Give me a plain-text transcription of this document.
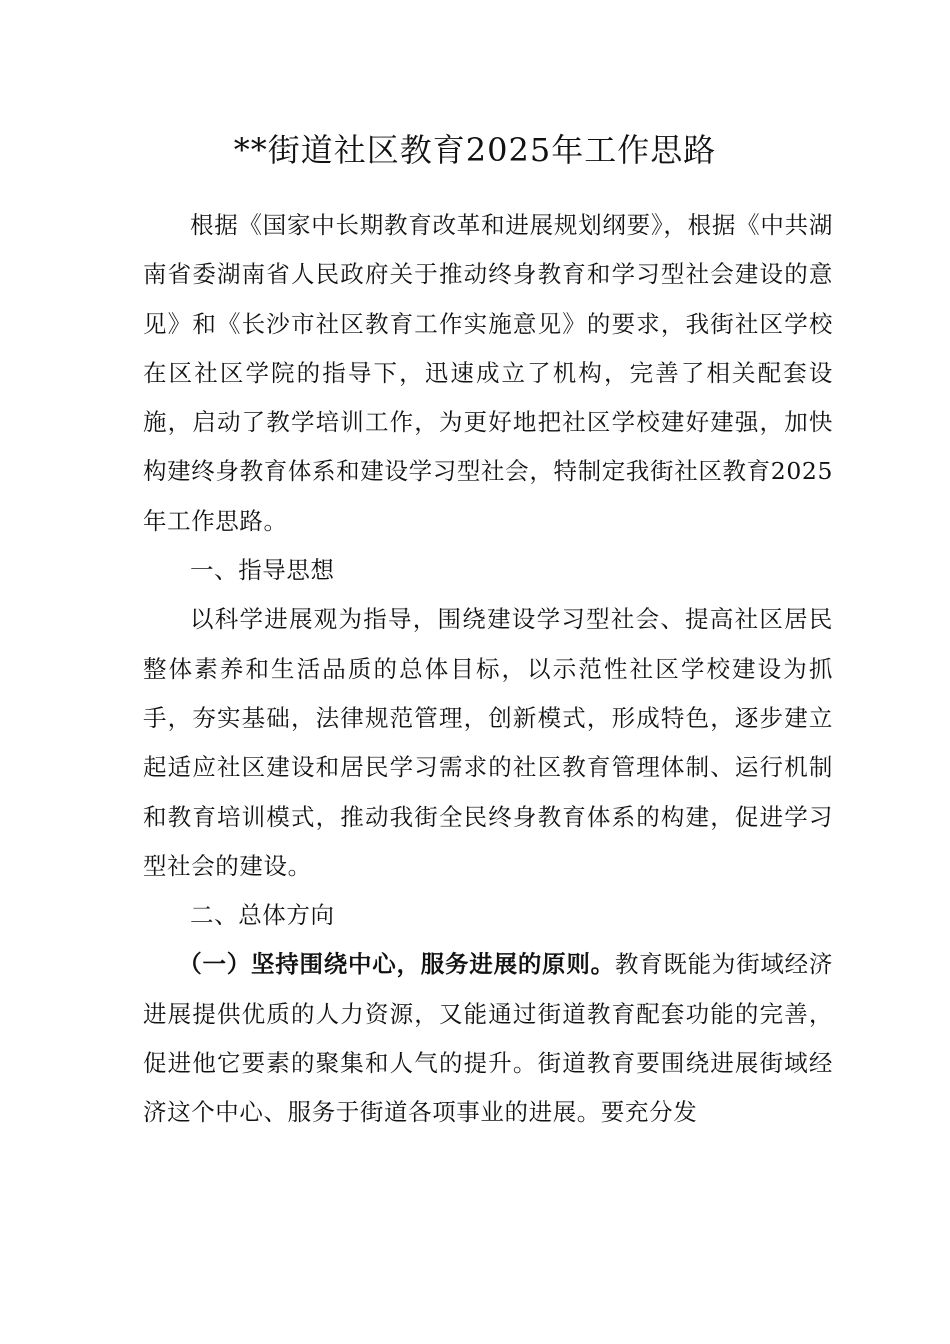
**街道社区教育2025年工作思路

根据《国家中长期教育改革和进展规划纲要》，根据《中共湖南省委湖南省人民政府关于推动终身教育和学习型社会建设的意见》和《长沙市社区教育工作实施意见》的要求，我街社区学校在区社区学院的指导下，迅速成立了机构，完善了相关配套设施，启动了教学培训工作，为更好地把社区学校建好建强，加快构建终身教育体系和建设学习型社会，特制定我街社区教育2025年工作思路。

一、指导思想

以科学进展观为指导，围绕建设学习型社会、提高社区居民整体素养和生活品质的总体目标，以示范性社区学校建设为抓手，夯实基础，法律规范管理，创新模式，形成特色，逐步建立起适应社区建设和居民学习需求的社区教育管理体制、运行机制和教育培训模式，推动我街全民终身教育体系的构建，促进学习型社会的建设。

二、总体方向

（一）坚持围绕中心，服务进展的原则。教育既能为街域经济进展提供优质的人力资源，又能通过街道教育配套功能的完善，促进他它要素的聚集和人气的提升。街道教育要围绕进展街域经济这个中心、服务于街道各项事业的进展。要充分发
